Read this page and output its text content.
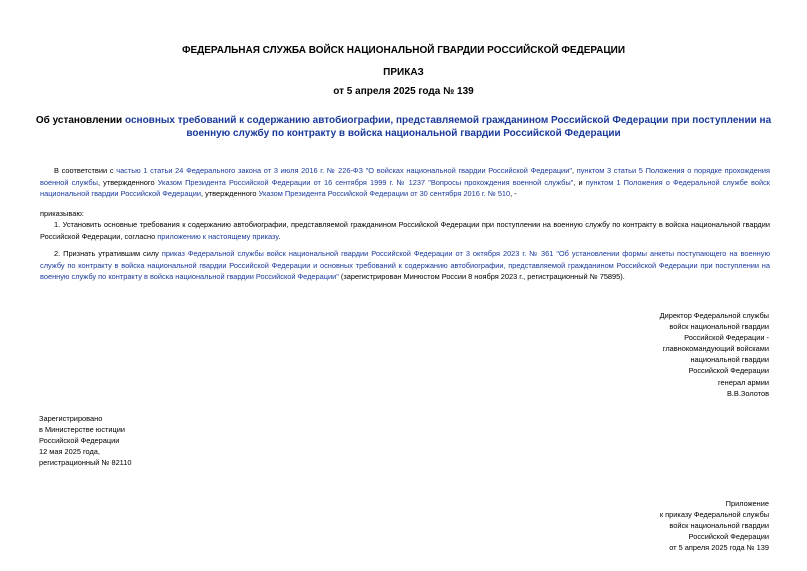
ФЕДЕРАЛЬНАЯ СЛУЖБА ВОЙСК НАЦИОНАЛЬНОЙ ГВАРДИИ РОССИЙСКОЙ ФЕДЕРАЦИИ
ПРИКАЗ
от 5 апреля 2025 года № 139
Об установлении основных требований к содержанию автобиографии, представляемой гражданином Российской Федерации при поступлении на военную службу по контракту в войска национальной гвардии Российской Федерации
В соответствии с частью 1 статьи 24 Федерального закона от 3 июля 2016 г. № 226-ФЗ "О войсках национальной гвардии Российской Федерации", пунктом 3 статьи 5 Положения о порядке прохождения военной службы, утвержденного Указом Президента Российской Федерации от 16 сентября 1999 г. № 1237 "Вопросы прохождения военной службы", и пунктом 1 Положения о Федеральной службе войск национальной гвардии Российской Федерации, утвержденного Указом Президента Российской Федерации от 30 сентября 2016 г. № 510, -
приказываю:
1. Установить основные требования к содержанию автобиографии, представляемой гражданином Российской Федерации при поступлении на военную службу по контракту в войска национальной гвардии Российской Федерации, согласно приложению к настоящему приказу.
2. Признать утратившим силу приказ Федеральной службы войск национальной гвардии Российской Федерации от 3 октября 2023 г. № 361 "Об установлении формы анкеты поступающего на военную службу по контракту в войска национальной гвардии Российской Федерации и основных требований к содержанию автобиографии, представляемой гражданином Российской Федерации при поступлении на военную службу по контракту в войска национальной гвардии Российской Федерации" (зарегистрирован Минюстом России 8 ноября 2023 г., регистрационный № 75895).
Директор Федеральной службы
войск национальной гвардии
Российской Федерации -
главнокомандующий войсками
национальной гвардии
Российской Федерации
генерал армии
В.В.Золотов
Зарегистрировано
в Министерстве юстиции
Российской Федерации
12 мая 2025 года,
регистрационный № 82110
Приложение
к приказу Федеральной службы
войск национальной гвардии
Российской Федерации
от 5 апреля 2025 года № 139
